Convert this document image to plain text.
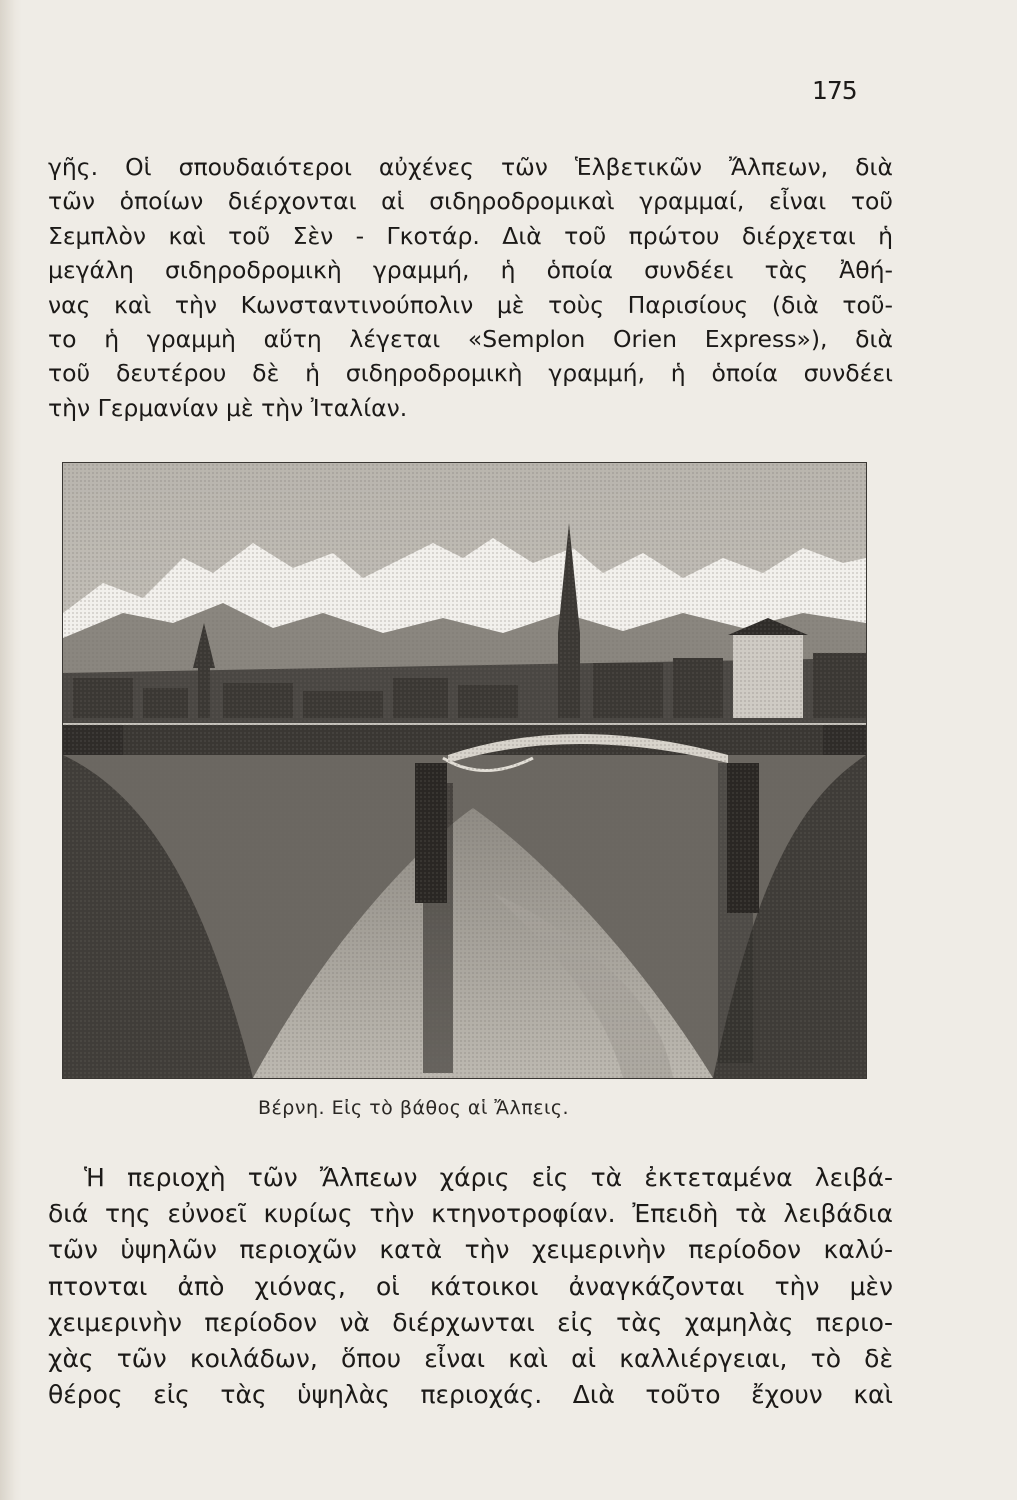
175
γῆς. Οἱ σπουδαιότεροι αὐχένες τῶν Ἑλβετικῶν Ἄλπεων, διὰ
τῶν ὁποίων διέρχονται αἱ σιδηροδρομικαὶ γραμμαί, εἶναι τοῦ
Σεμπλὸν καὶ τοῦ Σὲν - Γκοτάρ. Διὰ τοῦ πρώτου διέρχεται ἡ
μεγάλη σιδηροδρομικὴ γραμμή, ἡ ὁποία συνδέει τὰς Ἀθή-
νας καὶ τὴν Κωνσταντινούπολιν μὲ τοὺς Παρισίους (διὰ τοῦ-
το ἡ γραμμὴ αὕτη λέγεται «Semplon Orien Express»), διὰ
τοῦ δευτέρου δὲ ἡ σιδηροδρομικὴ γραμμή, ἡ ὁποία συνδέει
τὴν Γερμανίαν μὲ τὴν Ἰταλίαν.
Βέρνη. Εἰς τὸ βάθος αἱ Ἄλπεις.
Ἡ περιοχὴ τῶν Ἄλπεων χάρις εἰς τὰ ἐκτεταμένα λειβά-
διά της εὐνοεῖ κυρίως τὴν κτηνοτροφίαν. Ἐπειδὴ τὰ λειβάδια
τῶν ὑψηλῶν περιοχῶν κατὰ τὴν χειμερινὴν περίοδον καλύ-
πτονται ἀπὸ χιόνας, οἱ κάτοικοι ἀναγκάζονται τὴν μὲν
χειμερινὴν περίοδον νὰ διέρχωνται εἰς τὰς χαμηλὰς περιο-
χὰς τῶν κοιλάδων, ὅπου εἶναι καὶ αἱ καλλιέργειαι, τὸ δὲ
θέρος εἰς τὰς ὑψηλὰς περιοχάς. Διὰ τοῦτο ἔχουν καὶ
